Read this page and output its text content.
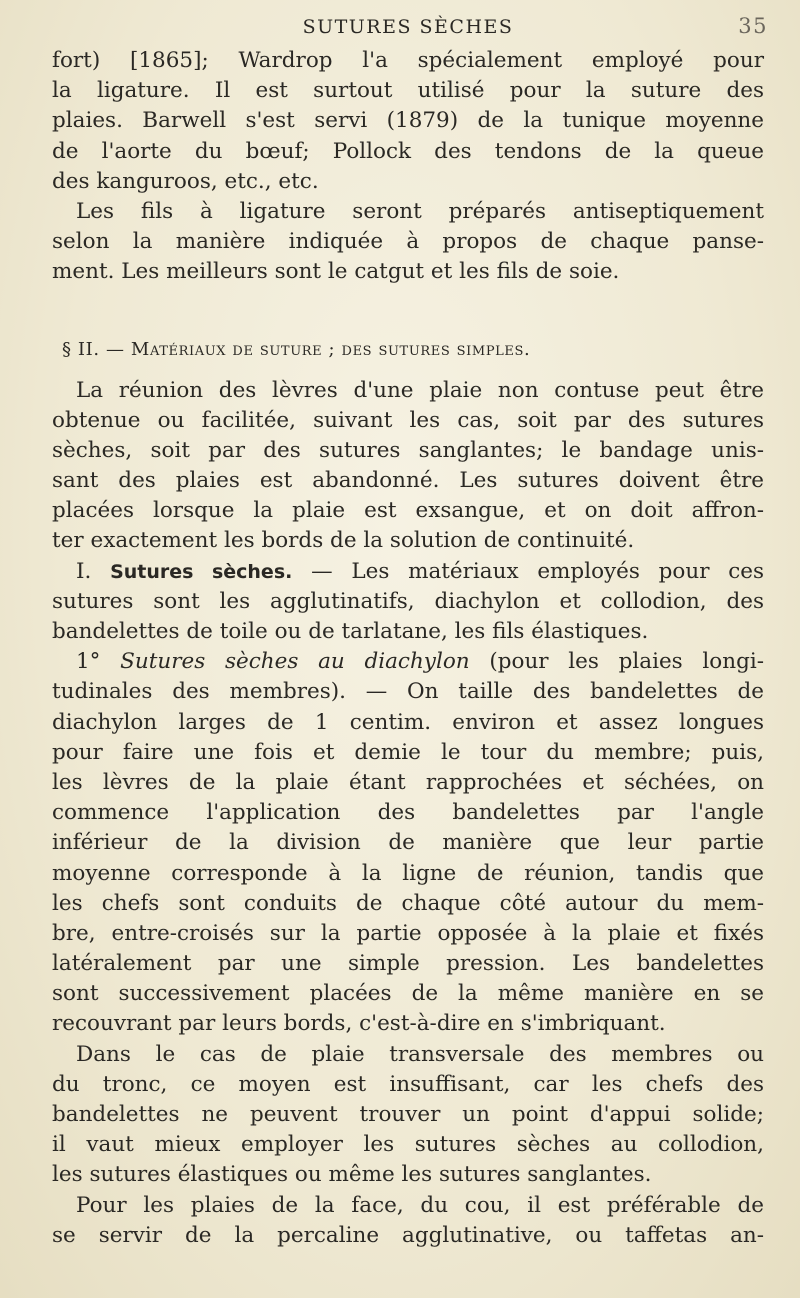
SUTURES SÈCHES	35
fort) [1865]; Wardrop l'a spécialement employé pour
la ligature. Il est surtout utilisé pour la suture des
plaies. Barwell s'est servi (1879) de la tunique moyenne
de l'aorte du bœuf; Pollock des tendons de la queue
des kanguroos, etc., etc.
Les fils à ligature seront préparés antiseptiquement
selon la manière indiquée à propos de chaque panse-
ment. Les meilleurs sont le catgut et les fils de soie.
§ II. — Matériaux de suture ; des sutures simples.
La réunion des lèvres d'une plaie non contuse peut être
obtenue ou facilitée, suivant les cas, soit par des sutures
sèches, soit par des sutures sanglantes; le bandage unis-
sant des plaies est abandonné. Les sutures doivent être
placées lorsque la plaie est exsangue, et on doit affron-
ter exactement les bords de la solution de continuité.
I. Sutures sèches. — Les matériaux employés pour ces
sutures sont les agglutinatifs, diachylon et collodion, des
bandelettes de toile ou de tarlatane, les fils élastiques.
1° Sutures sèches au diachylon (pour les plaies longi-
tudinales des membres). — On taille des bandelettes de
diachylon larges de 1 centim. environ et assez longues
pour faire une fois et demie le tour du membre; puis,
les lèvres de la plaie étant rapprochées et séchées, on
commence l'application des bandelettes par l'angle
inférieur de la division de manière que leur partie
moyenne corresponde à la ligne de réunion, tandis que
les chefs sont conduits de chaque côté autour du mem-
bre, entre-croisés sur la partie opposée à la plaie et fixés
latéralement par une simple pression. Les bandelettes
sont successivement placées de la même manière en se
recouvrant par leurs bords, c'est-à-dire en s'imbriquant.
Dans le cas de plaie transversale des membres ou
du tronc, ce moyen est insuffisant, car les chefs des
bandelettes ne peuvent trouver un point d'appui solide;
il vaut mieux employer les sutures sèches au collodion,
les sutures élastiques ou même les sutures sanglantes.
Pour les plaies de la face, du cou, il est préférable de
se servir de la percaline agglutinative, ou taffetas an-
